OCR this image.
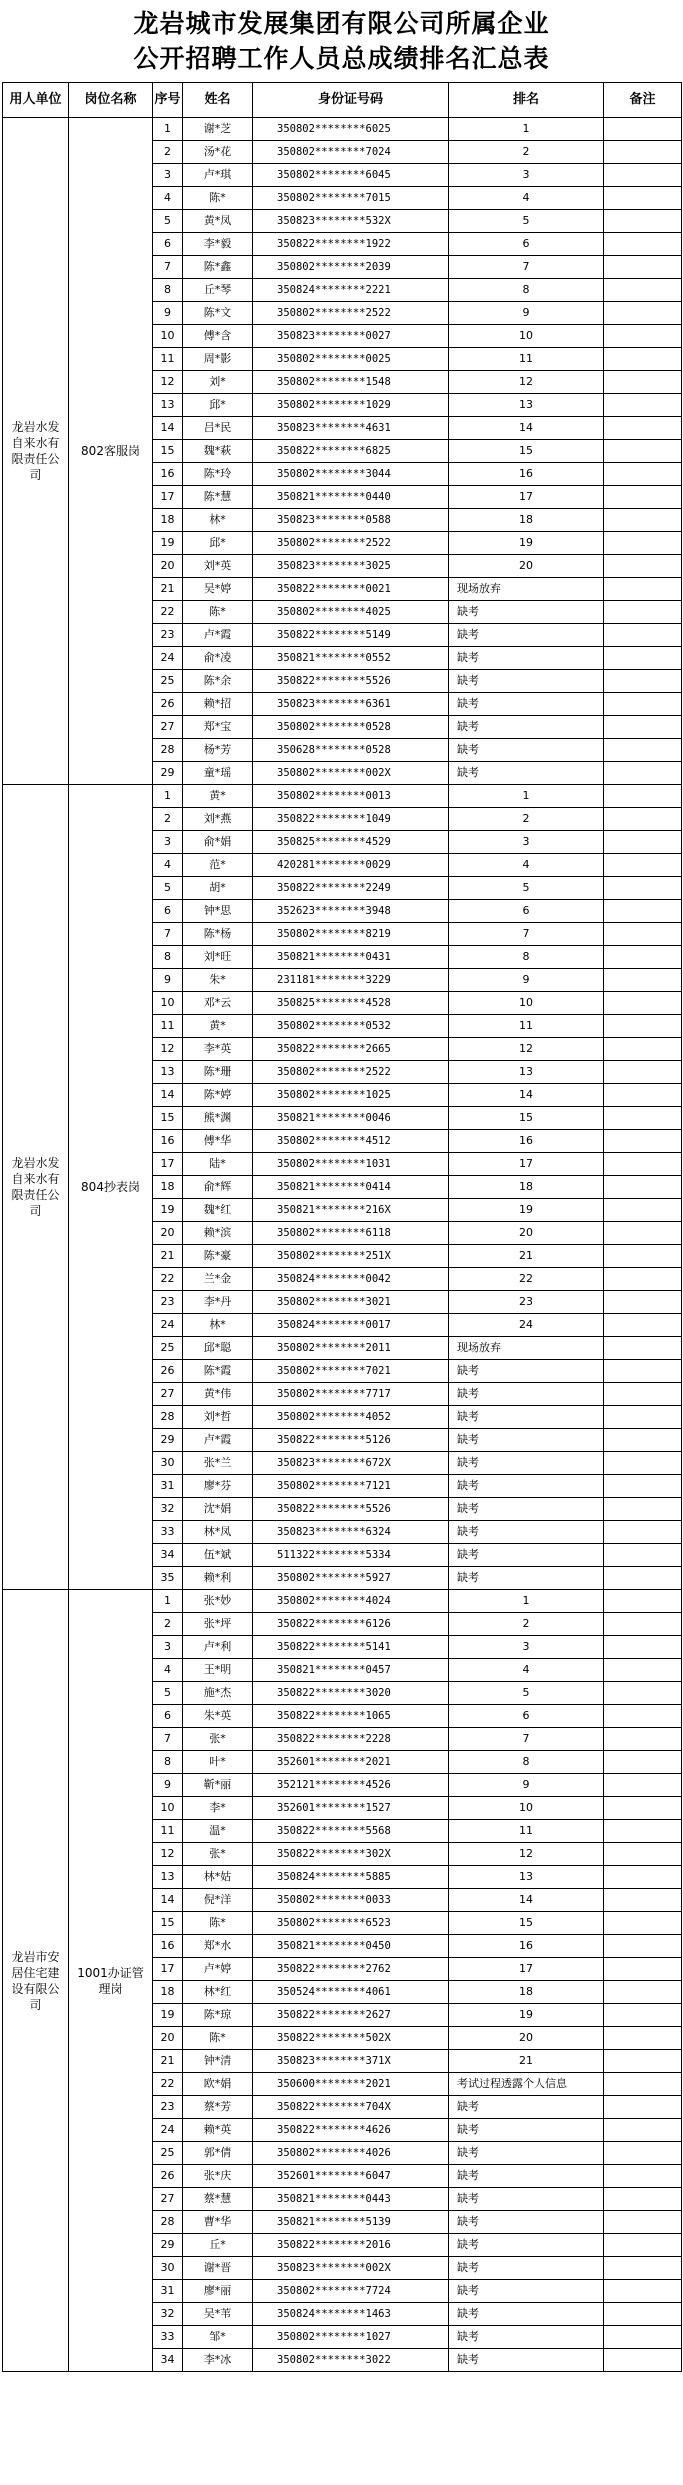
龙岩城市发展集团有限公司所属企业
公开招聘工作人员总成绩排名汇总表
用人单位	岗位名称	序号	姓名	身份证号码	排名	备注
龙岩水发自来水有限责任公司	802客服岗	1	谢*芝	350802********6025	1	
		2	汤*花	350802********7024	2	
		3	卢*琪	350802********6045	3	
		4	陈*	350802********7015	4	
		5	黄*凤	350823********532X	5	
		6	李*毅	350822********1922	6	
		7	陈*鑫	350802********2039	7	
		8	丘*琴	350824********2221	8	
		9	陈*文	350802********2522	9	
		10	傅*含	350823********0027	10	
		11	周*影	350802********0025	11	
		12	刘*	350802********1548	12	
		13	邱*	350802********1029	13	
		14	吕*民	350823********4631	14	
		15	魏*萩	350822********6825	15	
		16	陈*玲	350802********3044	16	
		17	陈*慧	350821********0440	17	
		18	林*	350823********0588	18	
		19	邱*	350802********2522	19	
		20	刘*英	350823********3025	20	
		21	吴*婷	350822********0021	现场放弃	
		22	陈*	350802********4025	缺考	
		23	卢*霞	350822********5149	缺考	
		24	俞*凌	350821********0552	缺考	
		25	陈*余	350822********5526	缺考	
		26	赖*招	350823********6361	缺考	
		27	郑*宝	350802********0528	缺考	
		28	杨*芳	350628********0528	缺考	
		29	童*瑶	350802********002X	缺考	
龙岩水发自来水有限责任公司	804抄表岗	1	黄*	350802********0013	1	
		2	刘*燕	350822********1049	2	
		3	俞*娟	350825********4529	3	
		4	范*	420281********0029	4	
		5	胡*	350822********2249	5	
		6	钟*思	352623********3948	6	
		7	陈*杨	350802********8219	7	
		8	刘*旺	350821********0431	8	
		9	朱*	231181********3229	9	
		10	邓*云	350825********4528	10	
		11	黄*	350802********0532	11	
		12	李*英	350822********2665	12	
		13	陈*珊	350802********2522	13	
		14	陈*婷	350802********1025	14	
		15	熊*渊	350821********0046	15	
		16	傅*华	350802********4512	16	
		17	陆*	350802********1031	17	
		18	俞*辉	350821********0414	18	
		19	魏*红	350821********216X	19	
		20	赖*滨	350802********6118	20	
		21	陈*豪	350802********251X	21	
		22	兰*金	350824********0042	22	
		23	李*丹	350802********3021	23	
		24	林*	350824********0017	24	
		25	邱*聪	350802********2011	现场放弃	
		26	陈*霞	350802********7021	缺考	
		27	黄*伟	350802********7717	缺考	
		28	刘*哲	350802********4052	缺考	
		29	卢*霞	350822********5126	缺考	
		30	张*兰	350823********672X	缺考	
		31	廖*芬	350802********7121	缺考	
		32	沈*娟	350822********5526	缺考	
		33	林*凤	350823********6324	缺考	
		34	伍*斌	511322********5334	缺考	
		35	赖*利	350802********5927	缺考	
龙岩市安居住宅建设有限公司	1001办证管理岗	1	张*妙	350802********4024	1	
		2	张*坪	350822********6126	2	
		3	卢*利	350822********5141	3	
		4	王*明	350821********0457	4	
		5	施*杰	350822********3020	5	
		6	朱*英	350822********1065	6	
		7	张*	350822********2228	7	
		8	叶*	352601********2021	8	
		9	靳*丽	352121********4526	9	
		10	李*	352601********1527	10	
		11	温*	350822********5568	11	
		12	张*	350822********302X	12	
		13	林*姑	350824********5885	13	
		14	倪*洋	350802********0033	14	
		15	陈*	350802********6523	15	
		16	郑*水	350821********0450	16	
		17	卢*婷	350822********2762	17	
		18	林*红	350524********4061	18	
		19	陈*琼	350822********2627	19	
		20	陈*	350822********502X	20	
		21	钟*清	350823********371X	21	
		22	欧*娟	350600********2021	考试过程透露个人信息	
		23	蔡*芳	350822********704X	缺考	
		24	赖*英	350822********4626	缺考	
		25	郭*倩	350802********4026	缺考	
		26	张*庆	352601********6047	缺考	
		27	蔡*慧	350821********0443	缺考	
		28	曹*华	350821********5139	缺考	
		29	丘*	350822********2016	缺考	
		30	谢*晋	350823********002X	缺考	
		31	廖*丽	350802********7724	缺考	
		32	吴*苇	350824********1463	缺考	
		33	邹*	350802********1027	缺考	
		34	李*冰	350802********3022	缺考	
